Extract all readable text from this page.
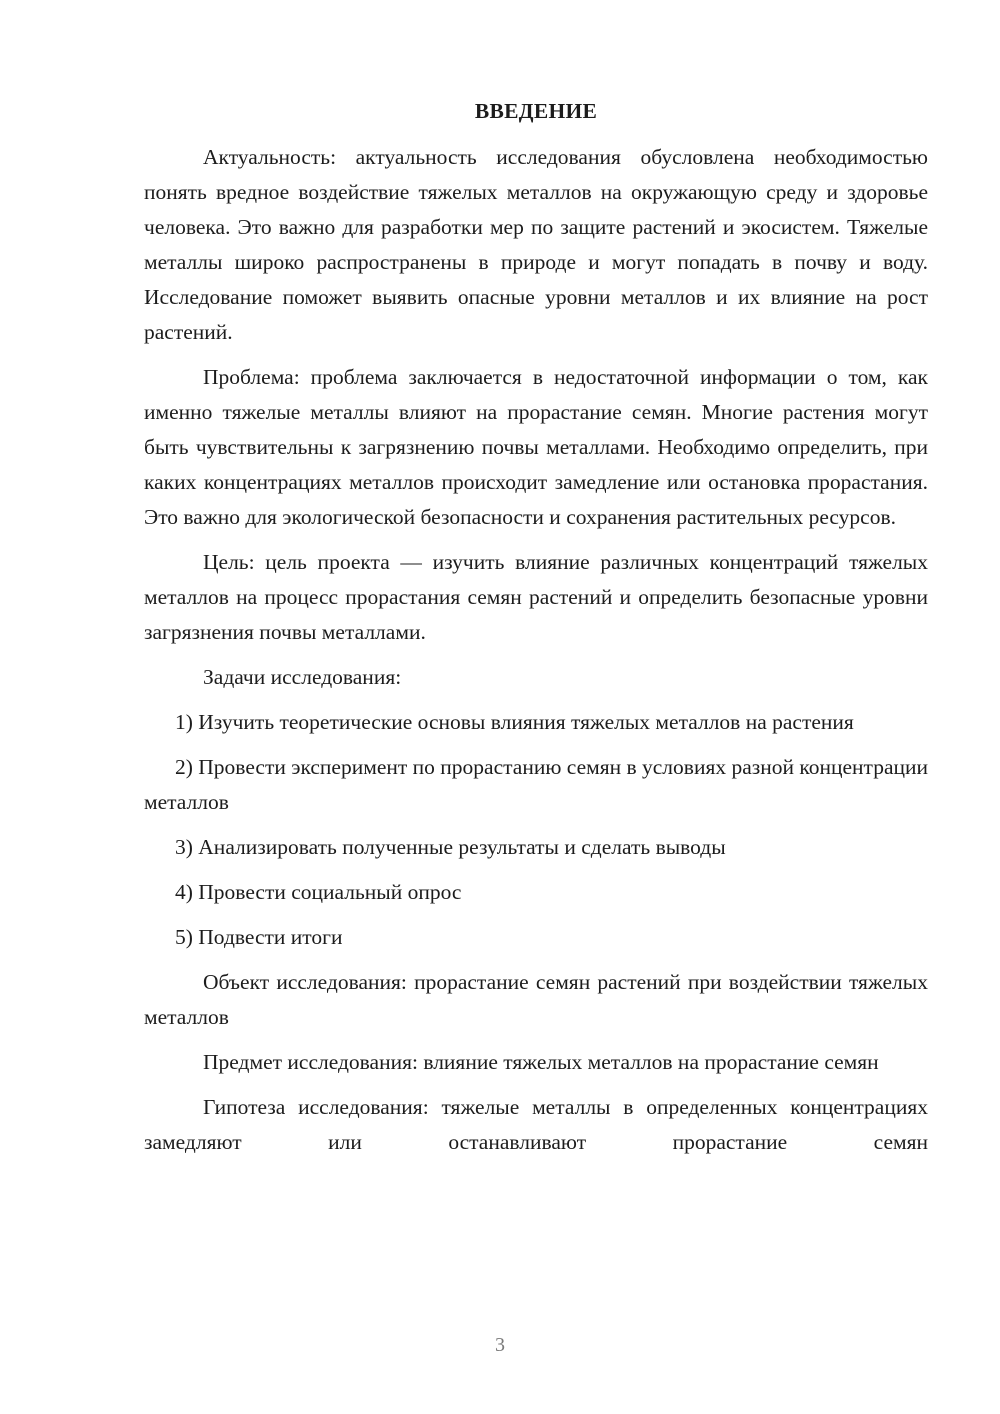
ВВЕДЕНИЕ

Актуальность: актуальность исследования обусловлена необходимостью понять вредное воздействие тяжелых металлов на окружающую среду и здоровье человека. Это важно для разработки мер по защите растений и экосистем. Тяжелые металлы широко распространены в природе и могут попадать в почву и воду. Исследование поможет выявить опасные уровни металлов и их влияние на рост растений.

Проблема: проблема заключается в недостаточной информации о том, как именно тяжелые металлы влияют на прорастание семян. Многие растения могут быть чувствительны к загрязнению почвы металлами. Необходимо определить, при каких концентрациях металлов происходит замедление или остановка прорастания. Это важно для экологической безопасности и сохранения растительных ресурсов.

Цель: цель проекта — изучить влияние различных концентраций тяжелых металлов на процесс прорастания семян растений и определить безопасные уровни загрязнения почвы металлами.

Задачи исследования:

1) Изучить теоретические основы влияния тяжелых металлов на растения

2) Провести эксперимент по прорастанию семян в условиях разной концентрации металлов

3) Анализировать полученные результаты и сделать выводы

4) Провести социальный опрос

5) Подвести итоги

Объект исследования: прорастание семян растений при воздействии тяжелых металлов

Предмет исследования: влияние тяжелых металлов на прорастание семян

Гипотеза исследования: тяжелые металлы в определенных концентрациях замедляют или останавливают прорастание семян

3
